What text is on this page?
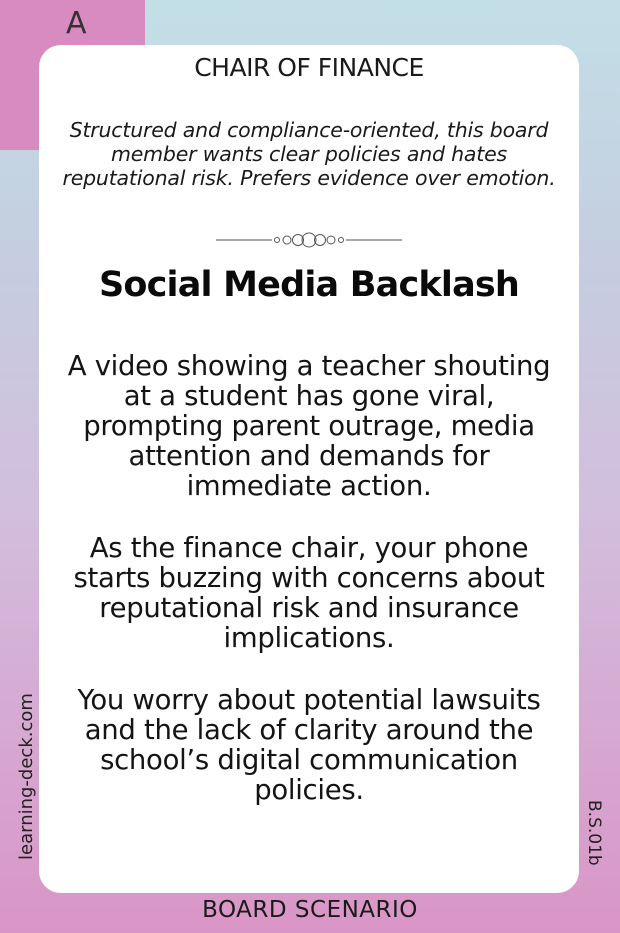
A
CHAIR OF FINANCE
Structured and compliance-oriented, this board member wants clear policies and hates reputational risk. Prefers evidence over emotion.
Social Media Backlash

A video showing a teacher shouting at a student has gone viral, prompting parent outrage, media attention and demands for immediate action.

As the finance chair, your phone starts buzzing with concerns about reputational risk and insurance implications.

You worry about potential lawsuits and the lack of clarity around the school’s digital communication policies.

learning-deck.com	B.S.01b
BOARD SCENARIO
